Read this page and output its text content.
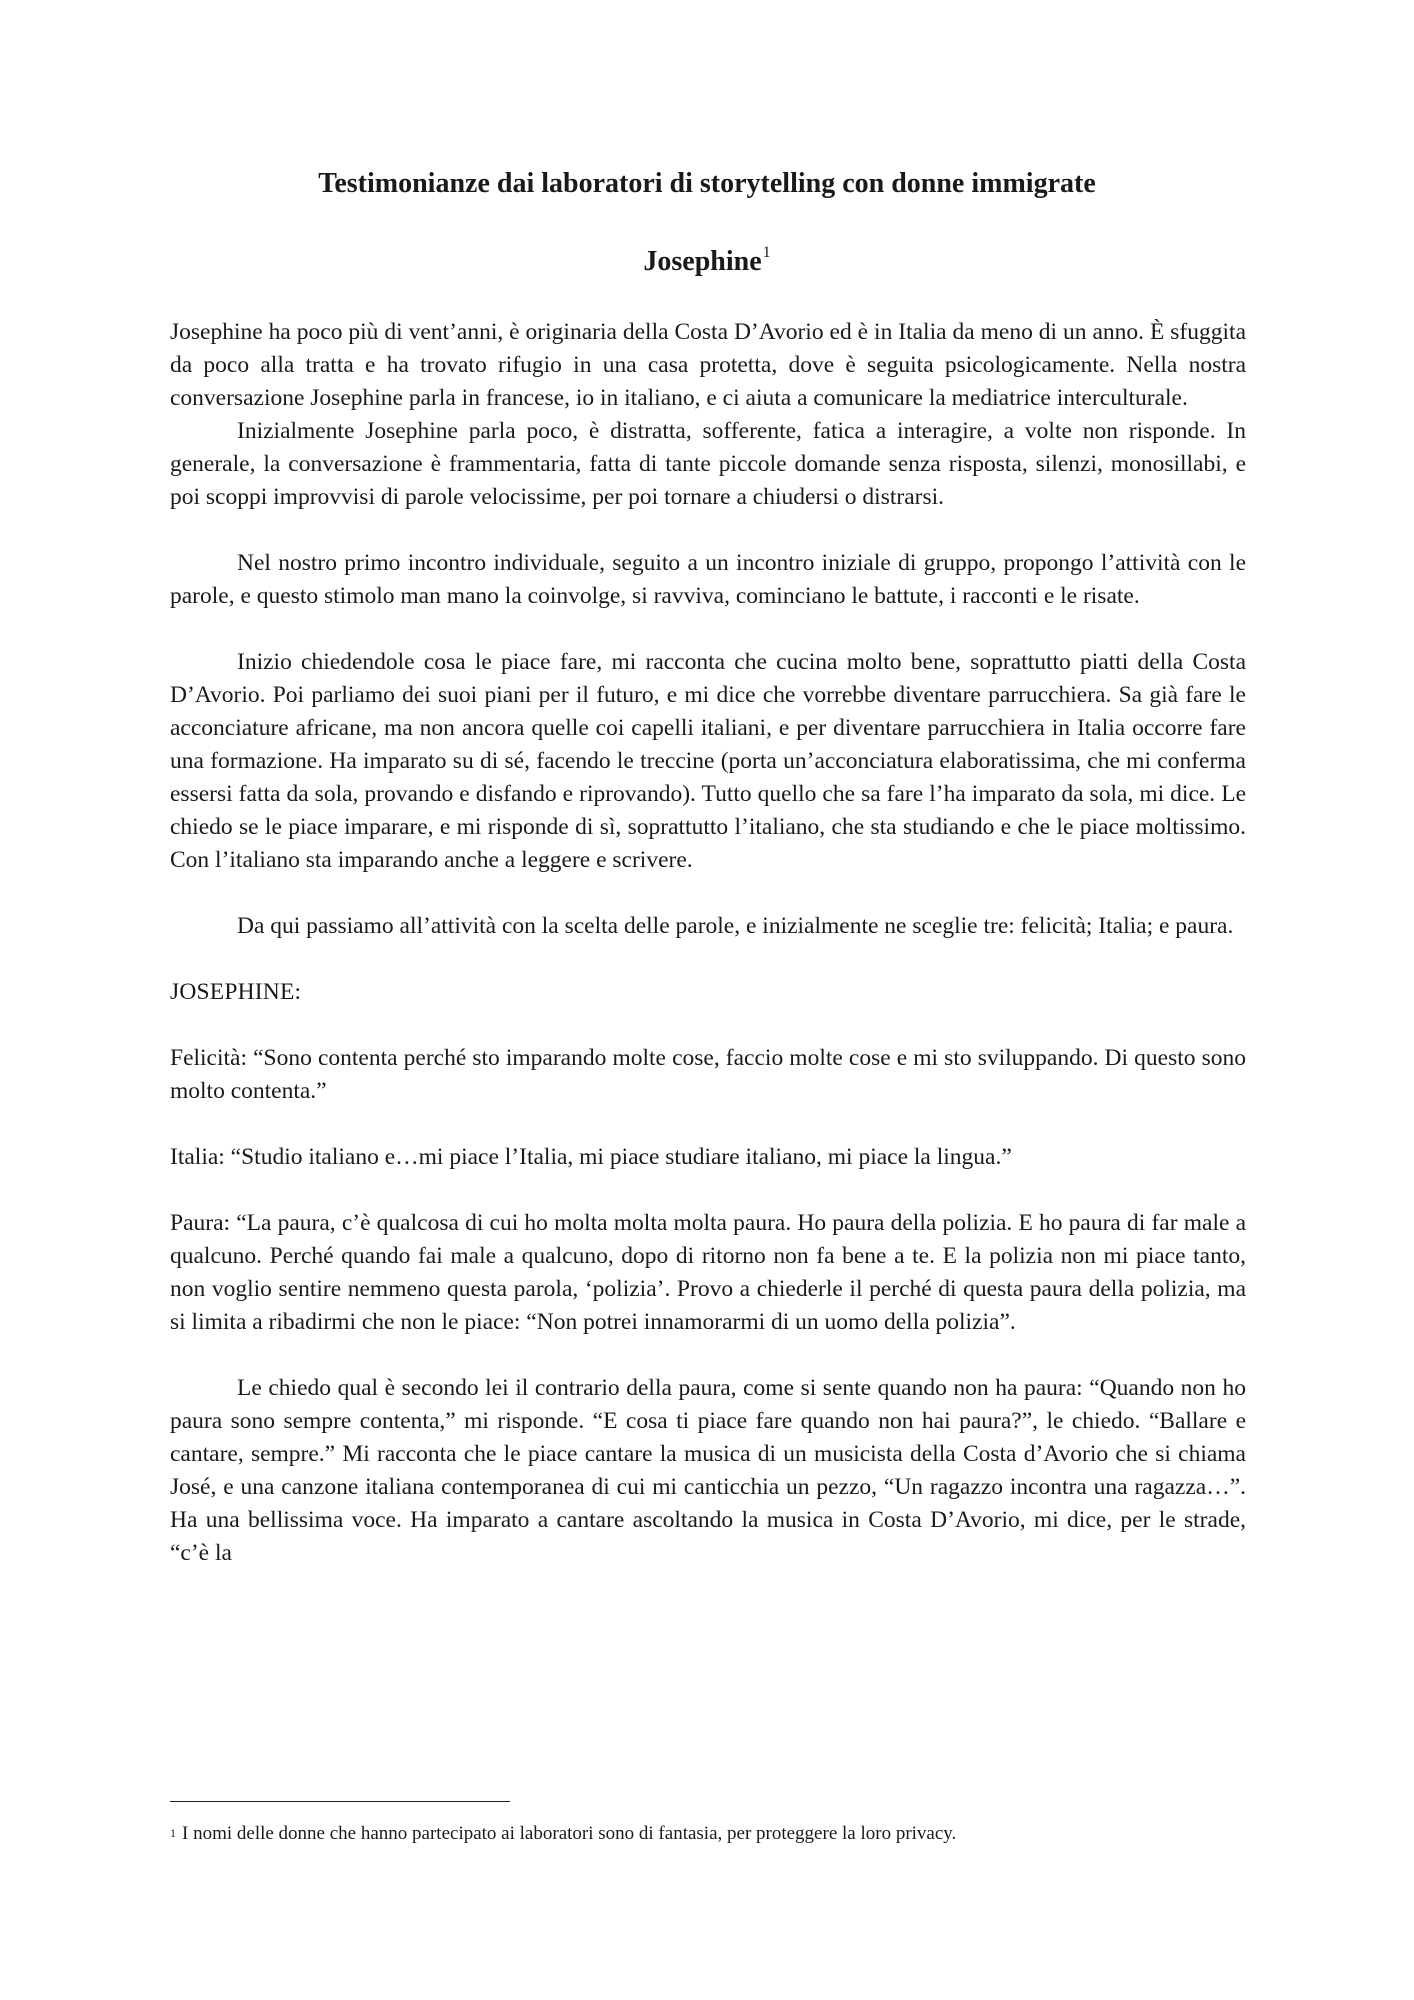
Testimonianze dai laboratori di storytelling con donne immigrate
Josephine$^1$

Josephine ha poco più di vent’anni, è originaria della Costa D’Avorio ed è in Italia da meno di un anno. È sfuggita da poco alla tratta e ha trovato rifugio in una casa protetta, dove è seguita psicologicamente. Nella nostra conversazione Josephine parla in francese, io in italiano, e ci aiuta a comunicare la mediatrice interculturale.

Inizialmente Josephine parla poco, è distratta, sofferente, fatica a interagire, a volte non risponde. In generale, la conversazione è frammentaria, fatta di tante piccole domande senza risposta, silenzi, monosillabi, e poi scoppi improvvisi di parole velocissime, per poi tornare a chiudersi o distrarsi.

Nel nostro primo incontro individuale, seguito a un incontro iniziale di gruppo, propongo l’attività con le parole, e questo stimolo man mano la coinvolge, si ravviva, cominciano le battute, i racconti e le risate.

Inizio chiedendole cosa le piace fare, mi racconta che cucina molto bene, soprattutto piatti della Costa D’Avorio. Poi parliamo dei suoi piani per il futuro, e mi dice che vorrebbe diventare parrucchiera. Sa già fare le acconciature africane, ma non ancora quelle coi capelli italiani, e per diventare parrucchiera in Italia occorre fare una formazione. Ha imparato su di sé, facendo le treccine (porta un’acconciatura elaboratissima, che mi conferma essersi fatta da sola, provando e disfando e riprovando). Tutto quello che sa fare l’ha imparato da sola, mi dice. Le chiedo se le piace imparare, e mi risponde di sì, soprattutto l’italiano, che sta studiando e che le piace moltissimo. Con l’italiano sta imparando anche a leggere e scrivere.

Da qui passiamo all’attività con la scelta delle parole, e inizialmente ne sceglie tre: felicità; Italia; e paura.

JOSEPHINE:

Felicità: “Sono contenta perché sto imparando molte cose, faccio molte cose e mi sto sviluppando. Di questo sono molto contenta.”

Italia: “Studio italiano e…mi piace l’Italia, mi piace studiare italiano, mi piace la lingua.”

Paura: “La paura, c’è qualcosa di cui ho molta molta molta paura. Ho paura della polizia. E ho paura di far male a qualcuno. Perché quando fai male a qualcuno, dopo di ritorno non fa bene a te. E la polizia non mi piace tanto, non voglio sentire nemmeno questa parola, ‘polizia’. Provo a chiederle il perché di questa paura della polizia, ma si limita a ribadirmi che non le piace: “Non potrei innamorarmi di un uomo della polizia”.

Le chiedo qual è secondo lei il contrario della paura, come si sente quando non ha paura: “Quando non ho paura sono sempre contenta,” mi risponde. “E cosa ti piace fare quando non hai paura?”, le chiedo. “Ballare e cantare, sempre.” Mi racconta che le piace cantare la musica di un musicista della Costa d’Avorio che si chiama José, e una canzone italiana contemporanea di cui mi canticchia un pezzo, “Un ragazzo incontra una ragazza…”. Ha una bellissima voce. Ha imparato a cantare ascoltando la musica in Costa D’Avorio, mi dice, per le strade, “c’è la

$^1$ I nomi delle donne che hanno partecipato ai laboratori sono di fantasia, per proteggere la loro privacy.
